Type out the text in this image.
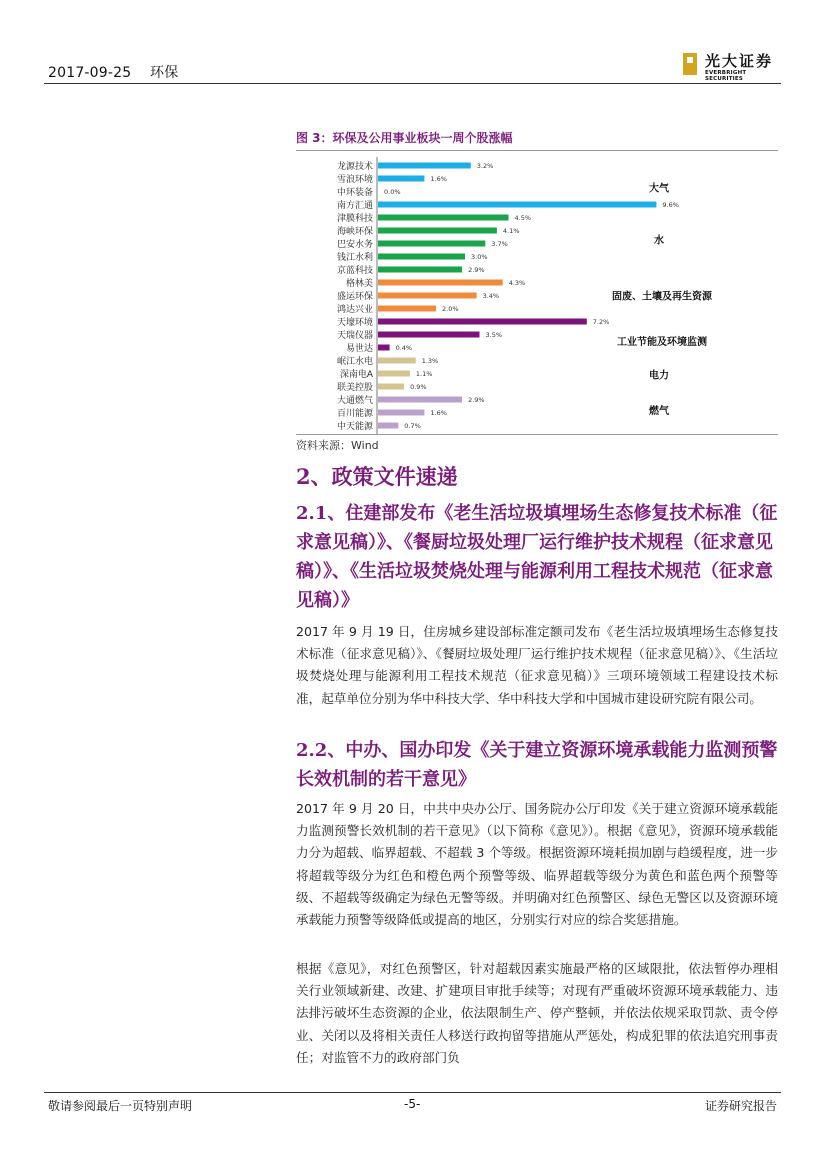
2017-09-25 环保
光大证券
EVERBRIGHT SECURITIES
图 3：环保及公用事业板块一周个股涨幅
龙源技术	3.2%
雪浪环境	1.6%
中环装备 0.0%
南方汇通	9.6%
津膜科技	4.5%
海峡环保	4.1%
巴安水务	3.7%
钱江水利	3.0%
京蓝科技	2.9%
格林美	4.3%
盛运环保	3.4%
鸿达兴业	2.0%
天壕环境	7.2%
天瑞仪器	3.5%
易世达	0.4%
岷江水电	1.3%
深南电A	1.1%
联美控股	0.9%
大通燃气	2.9%
百川能源	1.6%
中天能源	0.7%
大气
水
固废、土壤及再生资源
工业节能及环境监测
电力
燃气
资料来源：Wind
2、政策文件速递
2.1、住建部发布《老生活垃圾填埋场生态修复技术标准（征求意见稿）》、《餐厨垃圾处理厂运行维护技术规程（征求意见稿）》、《生活垃圾焚烧处理与能源利用工程技术规范（征求意见稿）》
2017 年 9 月 19 日，住房城乡建设部标准定额司发布《老生活垃圾填埋场生态修复技术标准（征求意见稿）》、《餐厨垃圾处理厂运行维护技术规程（征求意见稿）》、《生活垃圾焚烧处理与能源利用工程技术规范（征求意见稿）》三项环境领域工程建设技术标准，起草单位分别为华中科技大学、华中科技大学和中国城市建设研究院有限公司。
2.2、中办、国办印发《关于建立资源环境承载能力监测预警长效机制的若干意见》
2017 年 9 月 20 日，中共中央办公厅、国务院办公厅印发《关于建立资源环境承载能力监测预警长效机制的若干意见》（以下简称《意见》）。根据《意见》，资源环境承载能力分为超载、临界超载、不超载 3 个等级。根据资源环境耗损加剧与趋缓程度，进一步将超载等级分为红色和橙色两个预警等级、临界超载等级分为黄色和蓝色两个预警等级、不超载等级确定为绿色无警等级。并明确对红色预警区、绿色无警区以及资源环境承载能力预警等级降低或提高的地区，分别实行对应的综合奖惩措施。
根据《意见》，对红色预警区，针对超载因素实施最严格的区域限批，依法暂停办理相关行业领域新建、改建、扩建项目审批手续等；对现有严重破坏资源环境承载能力、违法排污破坏生态资源的企业，依法限制生产、停产整顿，并依法依规采取罚款、责令停业、关闭以及将相关责任人移送行政拘留等措施从严惩处，构成犯罪的依法追究刑事责任；对监管不力的政府部门负
敬请参阅最后一页特别声明	-5-	证券研究报告
